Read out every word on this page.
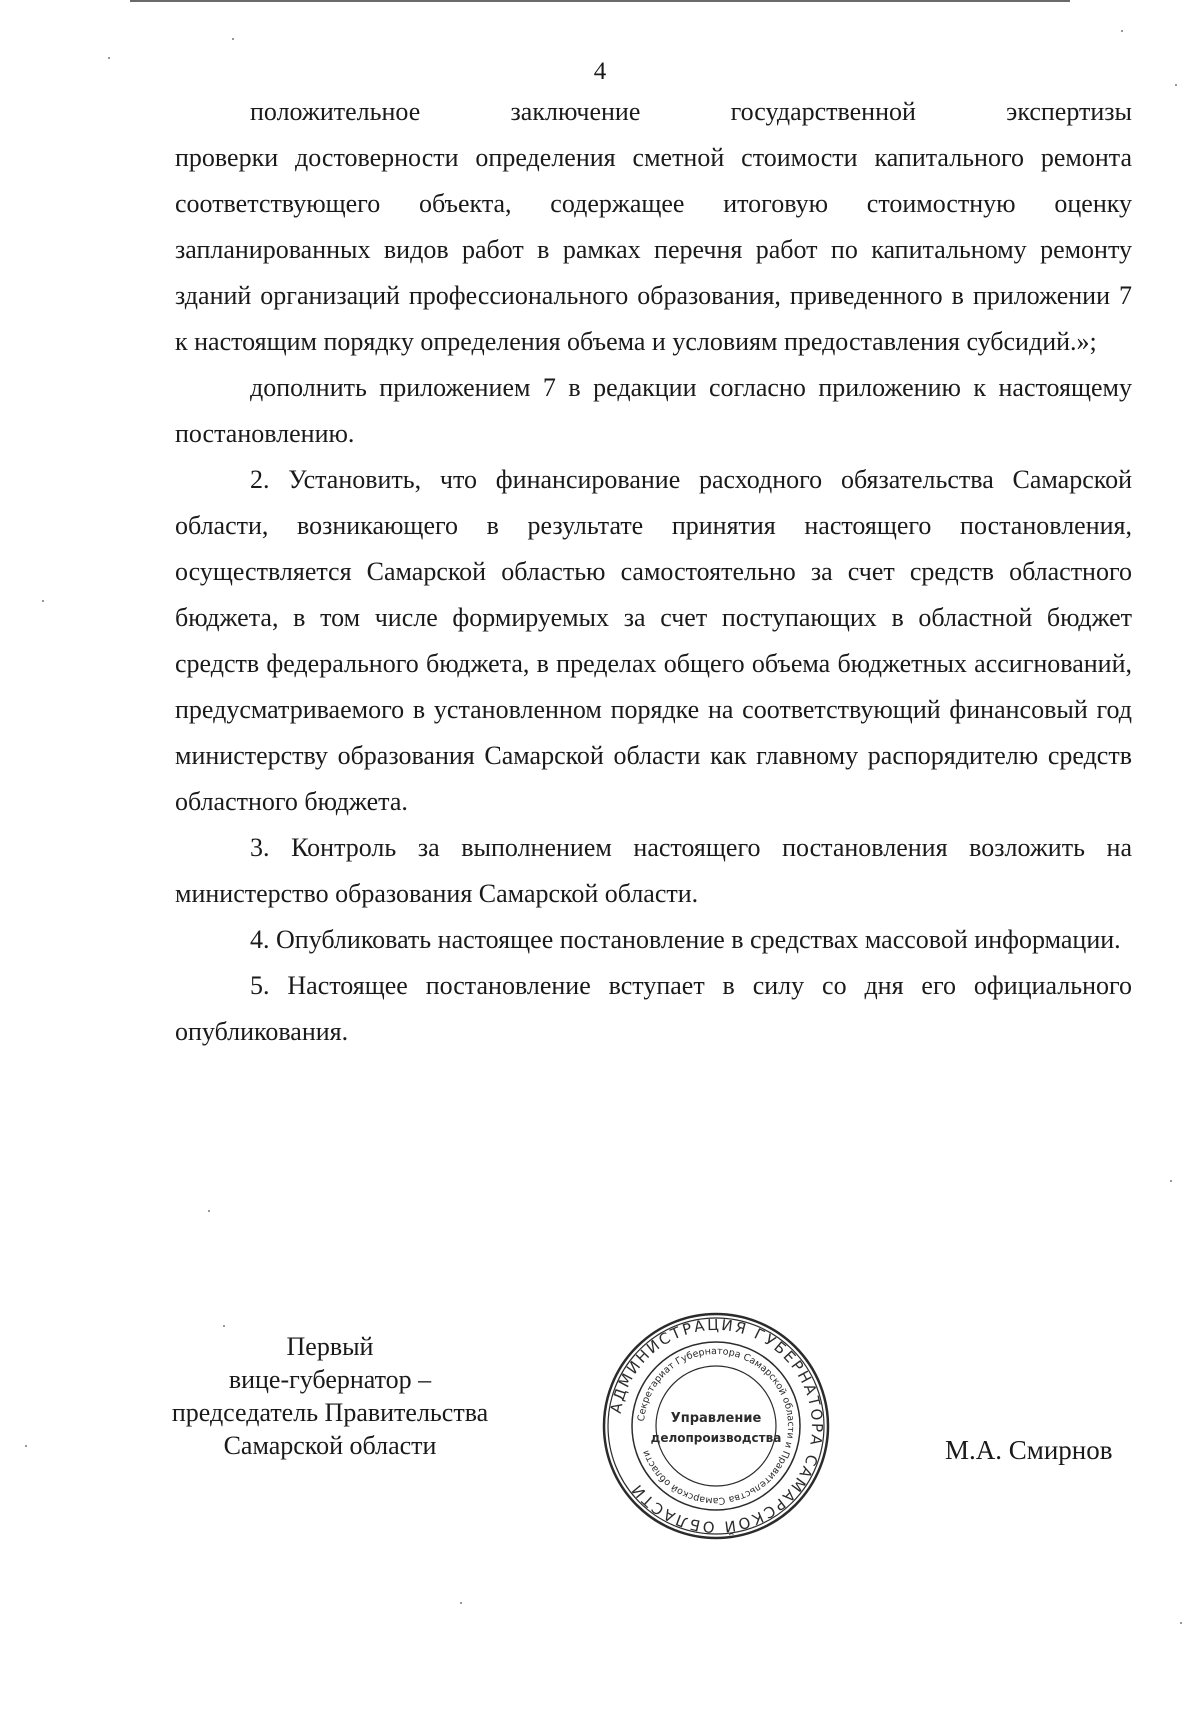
4

положительное заключение государственной экспертизы

проверки достоверности определения сметной стоимости капитального ремонта соответствующего объекта, содержащее итоговую стоимостную оценку запланированных видов работ в рамках перечня работ по капитальному ремонту зданий организаций профессионального образования, приведенного в приложении 7 к настоящим порядку определения объема и условиям предоставления субсидий.»;

дополнить приложением 7 в редакции согласно приложению к настоящему постановлению.

2. Установить, что финансирование расходного обязательства Самарской области, возникающего в результате принятия настоящего постановления, осуществляется Самарской областью самостоятельно за счет средств областного бюджета, в том числе формируемых за счет поступающих в областной бюджет средств федерального бюджета, в пределах общего объема бюджетных ассигнований, предусматриваемого в установленном порядке на соответствующий финансовый год министерству образования Самарской области как главному распорядителю средств областного бюджета.

3. Контроль за выполнением настоящего постановления возложить на министерство образования Самарской области.

4. Опубликовать настоящее постановление в средствах массовой информации.

5. Настоящее постановление вступает в силу со дня его официального опубликования.

Первый
вице-губернатор –
председатель Правительства
Самарской области
АДМИНИСТРАЦИЯ ГУБЕРНАТОРА САМАРСКОЙ ОБЛАСТИ
Секретариат Губернатора Самарской области и Правительства Самарской области
Управление
делопроизводства	М.А. Смирнов
